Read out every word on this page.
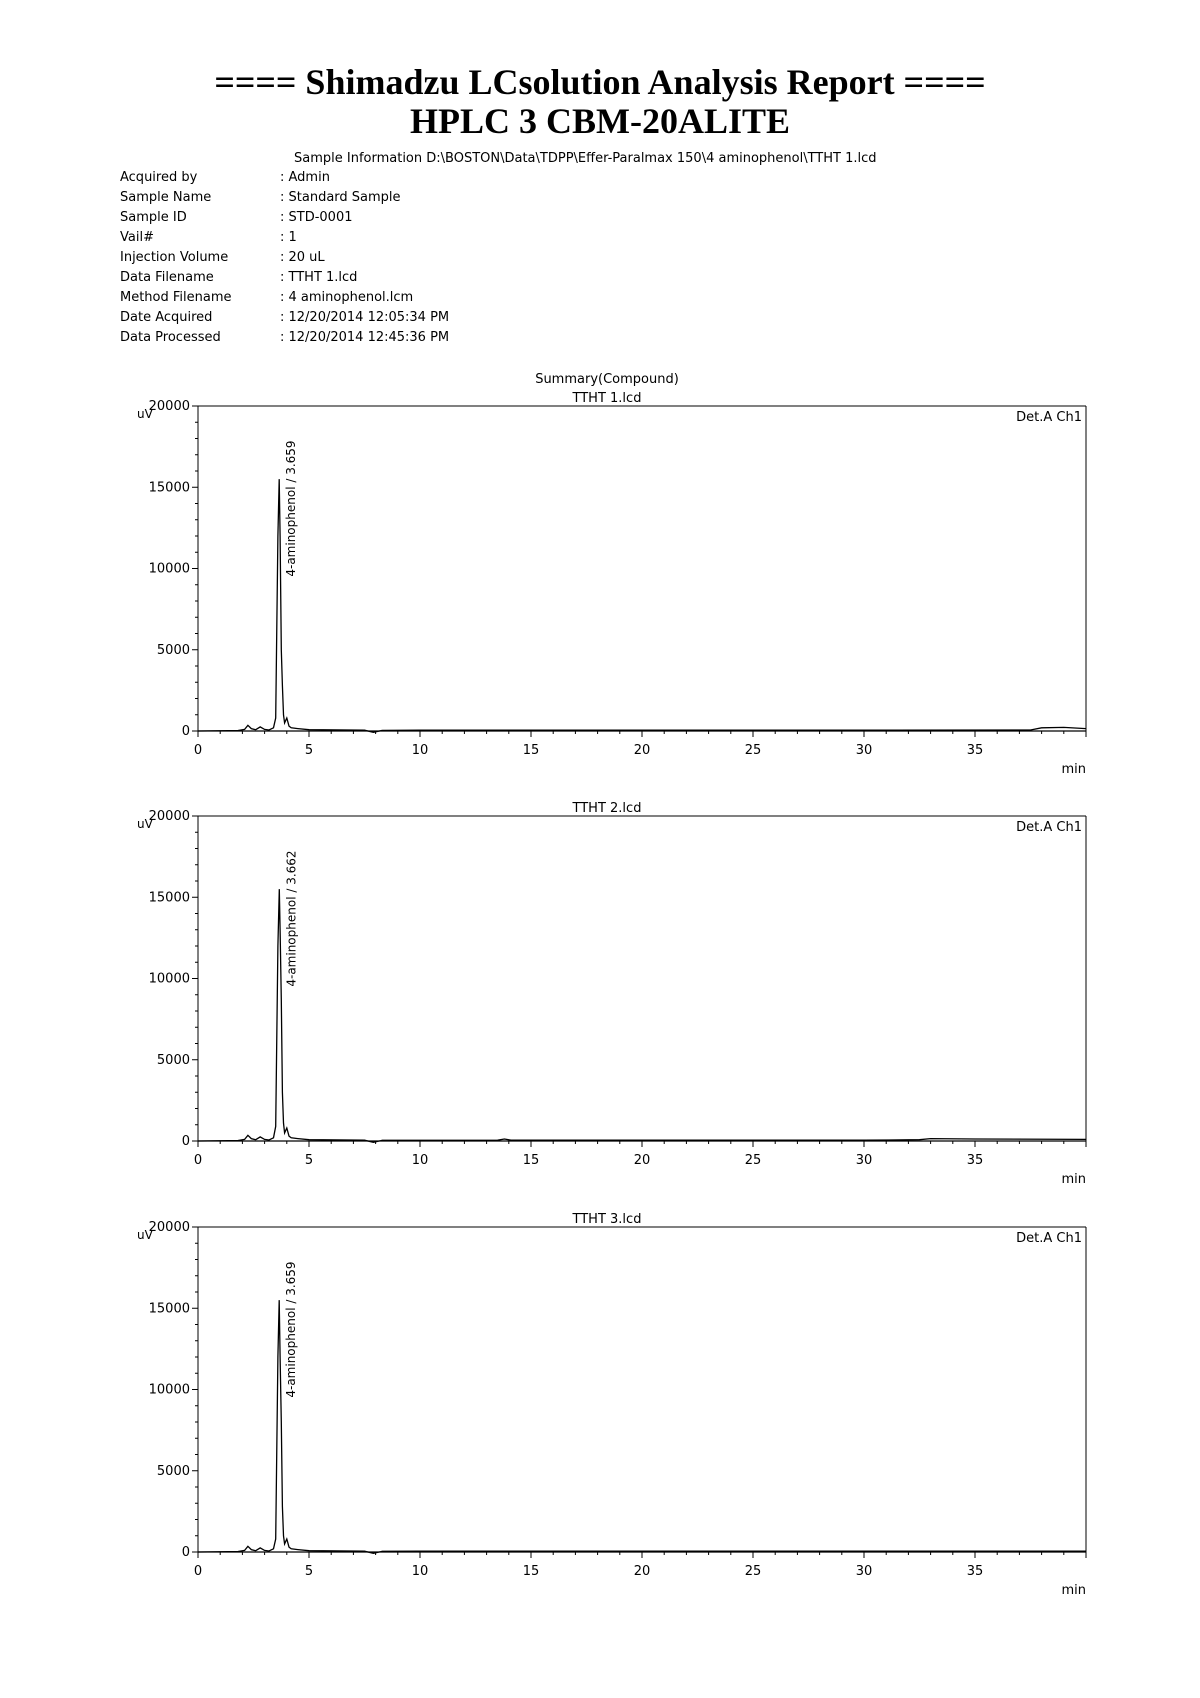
==== Shimadzu LCsolution Analysis Report ====
HPLC 3 CBM-20ALITE
Sample Information D:\BOSTON\Data\TDPP\Effer-Paralmax 150\4 aminophenol\TTHT 1.lcd
Acquired by	: Admin
Sample Name	: Standard Sample
Sample ID	: STD-0001
Vail#	: 1
Injection Volume	: 20 uL
Data Filename	: TTHT 1.lcd
Method Filename	: 4 aminophenol.lcm
Date Acquired	: 12/20/2014 12:05:34 PM
Data Processed	: 12/20/2014 12:45:36 PM
Summary(Compound)
TTHT 1.lcd
0
5000
10000
15000
20000
0	5	10	15	20	25	30	35
uV
min
Det.A Ch1
4-aminophenol / 3.659
TTHT 2.lcd
0
5000
10000
15000
20000
0	5	10	15	20	25	30	35
uV
min
Det.A Ch1
4-aminophenol / 3.662
TTHT 3.lcd
0
5000
10000
15000
20000
0	5	10	15	20	25	30	35
uV
min
Det.A Ch1
4-aminophenol / 3.659
